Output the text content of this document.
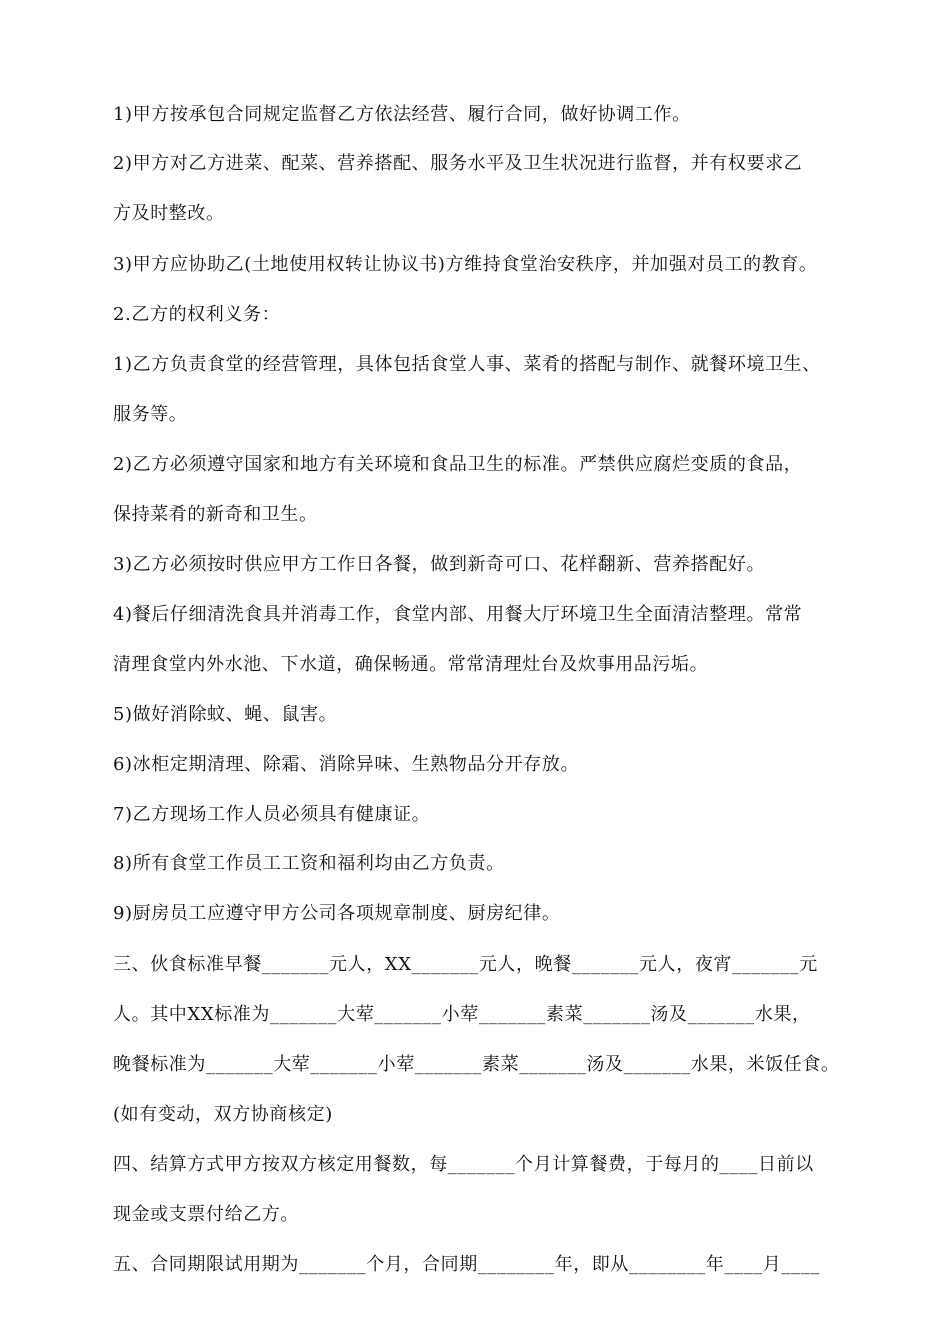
1)甲方按承包合同规定监督乙方依法经营、履行合同，做好协调工作。
2)甲方对乙方进菜、配菜、营养搭配、服务水平及卫生状况进行监督，并有权要求乙
方及时整改。
3)甲方应协助乙(土地使用权转让协议书)方维持食堂治安秩序，并加强对员工的教育。
2.乙方的权利义务：
1)乙方负责食堂的经营管理，具体包括食堂人事、菜肴的搭配与制作、就餐环境卫生、
服务等。
2)乙方必须遵守国家和地方有关环境和食品卫生的标准。严禁供应腐烂变质的食品，
保持菜肴的新奇和卫生。
3)乙方必须按时供应甲方工作日各餐，做到新奇可口、花样翻新、营养搭配好。
4)餐后仔细清洗食具并消毒工作，食堂内部、用餐大厅环境卫生全面清洁整理。常常
清理食堂内外水池、下水道，确保畅通。常常清理灶台及炊事用品污垢。
5)做好消除蚊、蝇、鼠害。
6)冰柜定期清理、除霜、消除异味、生熟物品分开存放。
7)乙方现场工作人员必须具有健康证。
8)所有食堂工作员工工资和福利均由乙方负责。
9)厨房员工应遵守甲方公司各项规章制度、厨房纪律。
三、伙食标准早餐_______元人，XX_______元人，晚餐_______元人，夜宵_______元
人。其中XX标准为_______大荤_______小荤_______素菜_______汤及_______水果，
晚餐标准为_______大荤_______小荤_______素菜_______汤及_______水果，米饭任食。
(如有变动，双方协商核定)
四、结算方式甲方按双方核定用餐数，每_______个月计算餐费，于每月的____日前以
现金或支票付给乙方。
五、合同期限试用期为_______个月，合同期________年，即从________年____月____
